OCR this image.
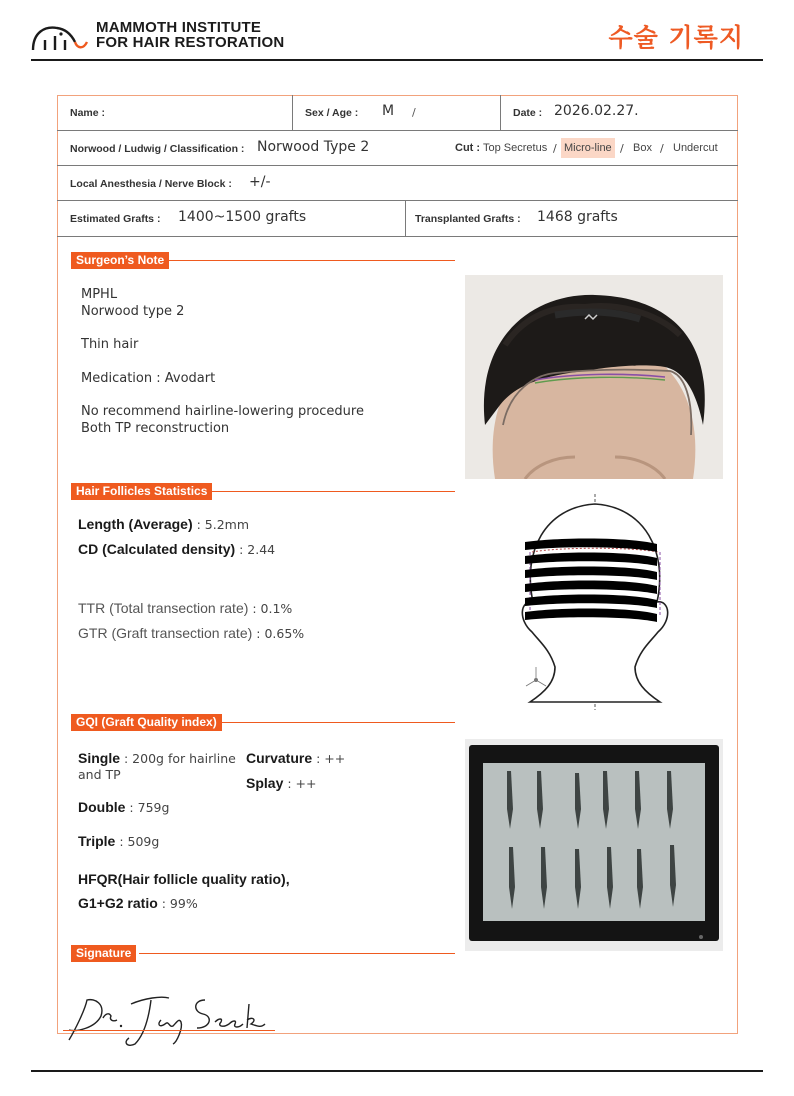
MAMMOTH INSTITUTE
FOR HAIR RESTORATION	수술 기록지
Name :	Sex / Age : M /	Date : 2026.02.27.
Norwood / Ludwig / Classification : Norwood Type 2	Cut : Top Secretus / Micro-line / Box / Undercut
Local Anesthesia / Nerve Block : +/-
Estimated Grafts : 1400~1500 grafts	Transplanted Grafts : 1468 grafts
Surgeon’s Note
MPHL
Norwood type 2
Thin hair
Medication : Avodart
No recommend hairline-lowering procedure
Both TP reconstruction
Hair Follicles Statistics
Length (Average) : 5.2mm
CD (Calculated density) : 2.44
TTR (Total transection rate) : 0.1%
GTR (Graft transection rate) : 0.65%
GQI (Graft Quality index)
Single : 200g for hairline
and TP
Double : 759g
Triple : 509g
Curvature : ++
Splay : ++
HFQR(Hair follicle quality ratio),
G1+G2 ratio : 99%
Signature
